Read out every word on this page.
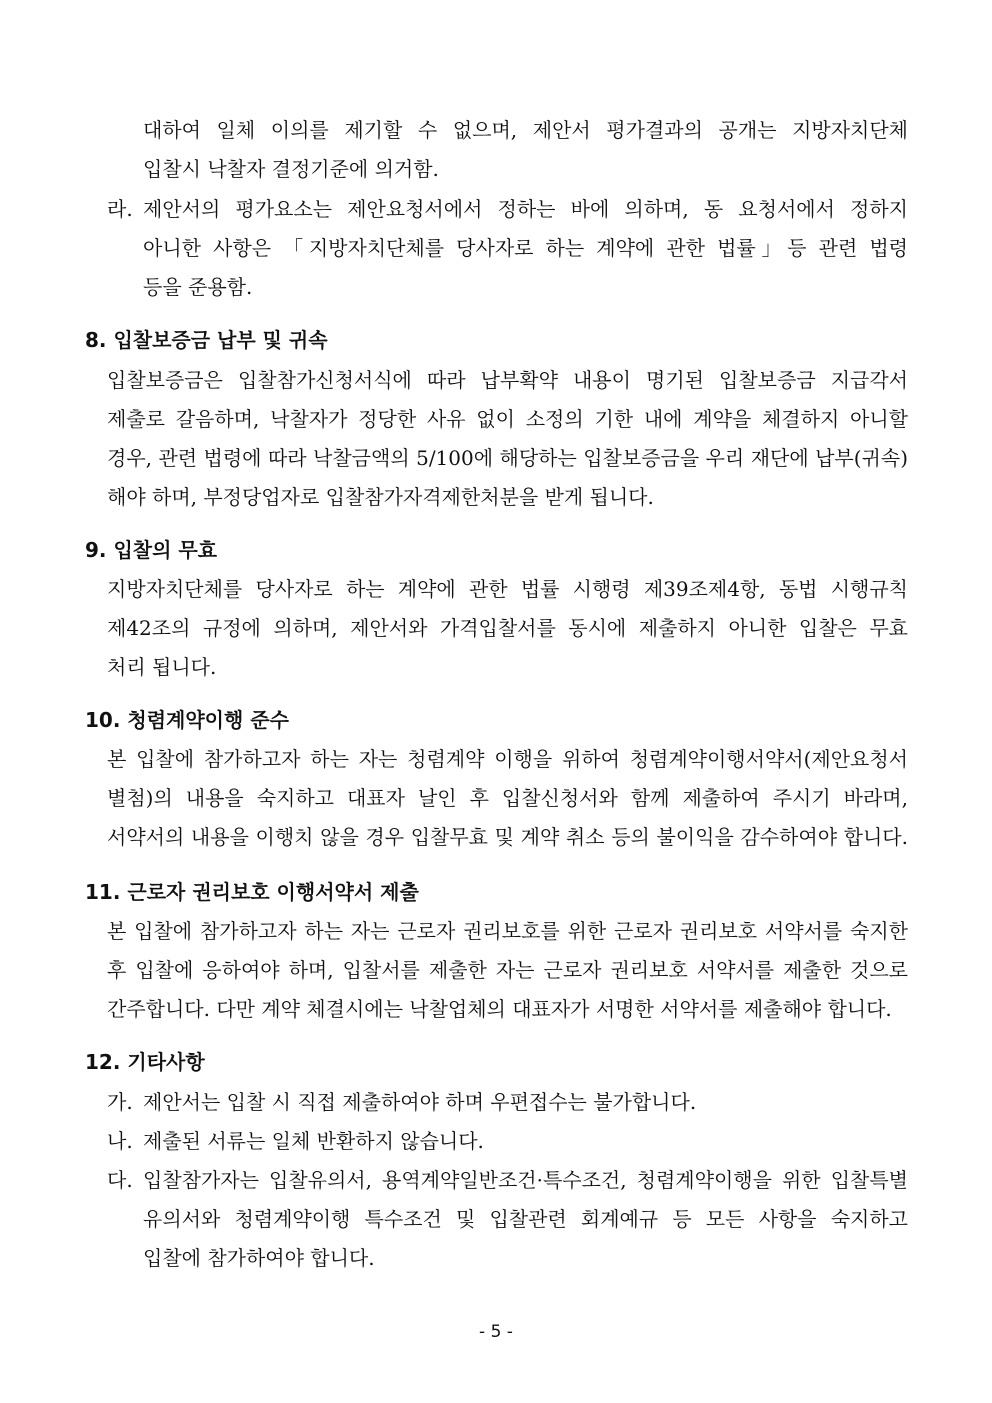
대하여 일체 이의를 제기할 수 없으며, 제안서 평가결과의 공개는 지방자치단체
입찰시 낙찰자 결정기준에 의거함.
라. 제안서의 평가요소는 제안요청서에서 정하는 바에 의하며, 동 요청서에서 정하지
아니한 사항은 「지방자치단체를 당사자로 하는 계약에 관한 법률」등 관련 법령
등을 준용함.
8. 입찰보증금 납부 및 귀속
입찰보증금은 입찰참가신청서식에 따라 납부확약 내용이 명기된 입찰보증금 지급각서
제출로 갈음하며, 낙찰자가 정당한 사유 없이 소정의 기한 내에 계약을 체결하지 아니할
경우, 관련 법령에 따라 낙찰금액의 5/100에 해당하는 입찰보증금을 우리 재단에 납부(귀속)
해야 하며, 부정당업자로 입찰참가자격제한처분을 받게 됩니다.
9. 입찰의 무효
지방자치단체를 당사자로 하는 계약에 관한 법률 시행령 제39조제4항, 동법 시행규칙
제42조의 규정에 의하며, 제안서와 가격입찰서를 동시에 제출하지 아니한 입찰은 무효
처리 됩니다.
10. 청렴계약이행 준수
본 입찰에 참가하고자 하는 자는 청렴계약 이행을 위하여 청렴계약이행서약서(제안요청서
별첨)의 내용을 숙지하고 대표자 날인 후 입찰신청서와 함께 제출하여 주시기 바라며,
서약서의 내용을 이행치 않을 경우 입찰무효 및 계약 취소 등의 불이익을 감수하여야 합니다.
11. 근로자 권리보호 이행서약서 제출
본 입찰에 참가하고자 하는 자는 근로자 권리보호를 위한 근로자 권리보호 서약서를 숙지한
후 입찰에 응하여야 하며, 입찰서를 제출한 자는 근로자 권리보호 서약서를 제출한 것으로
간주합니다. 다만 계약 체결시에는 낙찰업체의 대표자가 서명한 서약서를 제출해야 합니다.
12. 기타사항
가. 제안서는 입찰 시 직접 제출하여야 하며 우편접수는 불가합니다.
나. 제출된 서류는 일체 반환하지 않습니다.
다. 입찰참가자는 입찰유의서, 용역계약일반조건·특수조건, 청렴계약이행을 위한 입찰특별
유의서와 청렴계약이행 특수조건 및 입찰관련 회계예규 등 모든 사항을 숙지하고
입찰에 참가하여야 합니다.
- 5 -
